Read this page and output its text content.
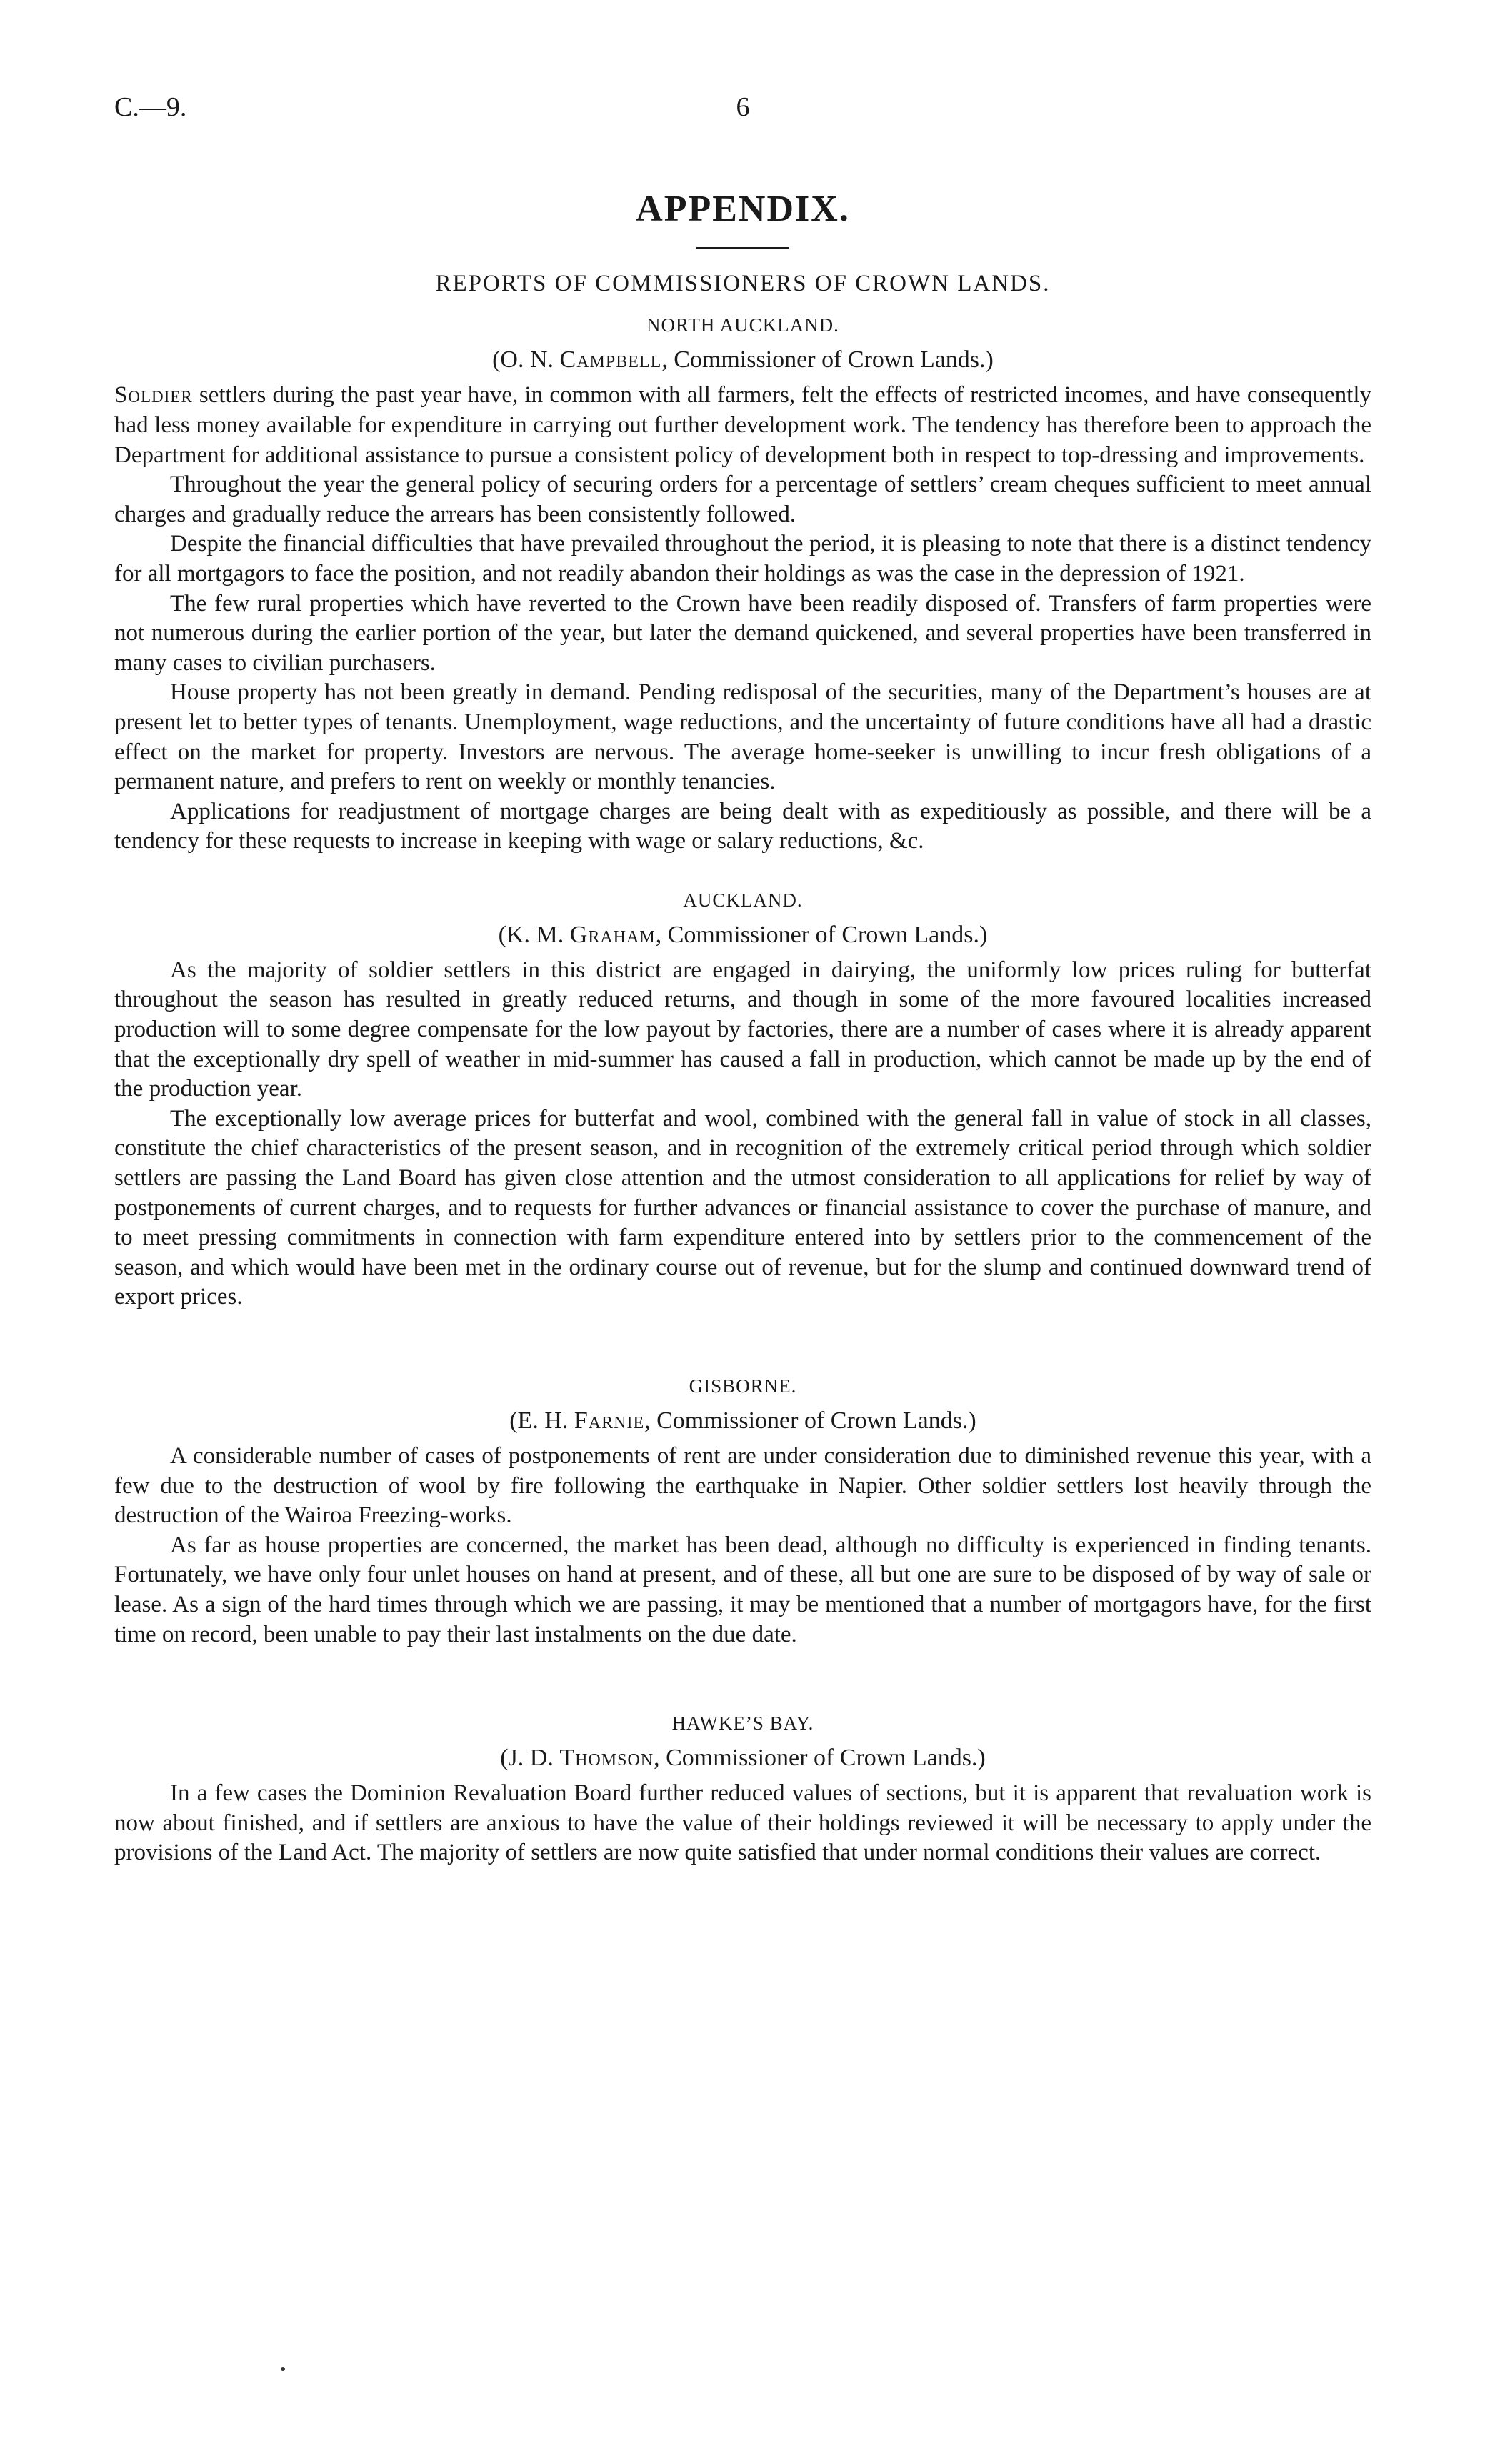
C.—9.	6
APPENDIX.
REPORTS OF COMMISSIONERS OF CROWN LANDS.
NORTH AUCKLAND.
(O. N. Campbell, Commissioner of Crown Lands.)

Soldier settlers during the past year have, in common with all farmers, felt the effects of restricted incomes, and have consequently had less money available for expenditure in carrying out further development work. The tendency has therefore been to approach the Department for additional assistance to pursue a consistent policy of development both in respect to top-dressing and improvements.

Throughout the year the general policy of securing orders for a percentage of settlers’ cream cheques sufficient to meet annual charges and gradually reduce the arrears has been consistently followed.

Despite the financial difficulties that have prevailed throughout the period, it is pleasing to note that there is a distinct tendency for all mortgagors to face the position, and not readily abandon their holdings as was the case in the depression of 1921.

The few rural properties which have reverted to the Crown have been readily disposed of. Transfers of farm properties were not numerous during the earlier portion of the year, but later the demand quickened, and several properties have been transferred in many cases to civilian purchasers.

House property has not been greatly in demand. Pending redisposal of the securities, many of the Department’s houses are at present let to better types of tenants. Unemployment, wage reductions, and the uncertainty of future conditions have all had a drastic effect on the market for property. Investors are nervous. The average home-seeker is unwilling to incur fresh obligations of a permanent nature, and prefers to rent on weekly or monthly tenancies.

Applications for readjustment of mortgage charges are being dealt with as expeditiously as possible, and there will be a tendency for these requests to increase in keeping with wage or salary reductions, &c.

AUCKLAND.
(K. M. Graham, Commissioner of Crown Lands.)

As the majority of soldier settlers in this district are engaged in dairying, the uniformly low prices ruling for butterfat throughout the season has resulted in greatly reduced returns, and though in some of the more favoured localities increased production will to some degree compensate for the low payout by factories, there are a number of cases where it is already apparent that the exceptionally dry spell of weather in mid-summer has caused a fall in production, which cannot be made up by the end of the production year.

The exceptionally low average prices for butterfat and wool, combined with the general fall in value of stock in all classes, constitute the chief characteristics of the present season, and in recognition of the extremely critical period through which soldier settlers are passing the Land Board has given close attention and the utmost consideration to all applications for relief by way of postponements of current charges, and to requests for further advances or financial assistance to cover the purchase of manure, and to meet pressing commitments in connection with farm expenditure entered into by settlers prior to the commencement of the season, and which would have been met in the ordinary course out of revenue, but for the slump and continued downward trend of export prices.

GISBORNE.
(E. H. Farnie, Commissioner of Crown Lands.)

A considerable number of cases of postponements of rent are under consideration due to diminished revenue this year, with a few due to the destruction of wool by fire following the earthquake in Napier. Other soldier settlers lost heavily through the destruction of the Wairoa Freezing-works.

As far as house properties are concerned, the market has been dead, although no difficulty is experienced in finding tenants. Fortunately, we have only four unlet houses on hand at present, and of these, all but one are sure to be disposed of by way of sale or lease. As a sign of the hard times through which we are passing, it may be mentioned that a number of mortgagors have, for the first time on record, been unable to pay their last instalments on the due date.

HAWKE’S BAY.
(J. D. Thomson, Commissioner of Crown Lands.)

In a few cases the Dominion Revaluation Board further reduced values of sections, but it is apparent that revaluation work is now about finished, and if settlers are anxious to have the value of their holdings reviewed it will be necessary to apply under the provisions of the Land Act. The majority of settlers are now quite satisfied that under normal conditions their values are correct.
